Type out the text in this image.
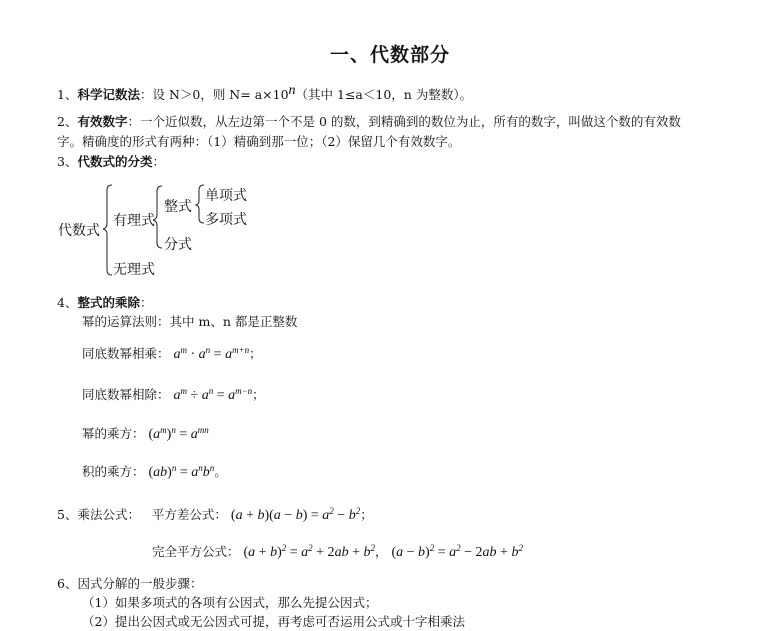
一、代数部分
1、科学记数法：设 N＞0，则 $N= a\times 10^n$（其中 1≤a＜10，n 为整数）。
2、有效数字：一个近似数，从左边第一个不是 0 的数，到精确到的数位为止，所有的数字，叫做这个数的有效数
字。精确度的形式有两种：（1）精确到那一位；（2）保留几个有效数字。
3、代数式的分类：
代数式
有理式
整式
单项式
多项式
分式
无理式
4、整式的乘除：
幂的运算法则：其中 m、n 都是正整数
同底数幂相乘： $a^m \cdot a^n = a^{m+n}$；
同底数幂相除： $a^m \div a^n = a^{m-n}$；
幂的乘方： $(a^m)^n = a^{mn}$
积的乘方： $(ab)^n = a^nb^n$。
5、乘法公式： 平方差公式： $(a + b)(a - b) = a^2 - b^2$；
完全平方公式： $(a + b)^2 = a^2 + 2ab + b^2$， $(a - b)^2 = a^2 - 2ab + b^2$
6、因式分解的一般步骤：
（1）如果多项式的各项有公因式，那么先提公因式；
（2）提出公因式或无公因式可提，再考虑可否运用公式或十字相乘法
